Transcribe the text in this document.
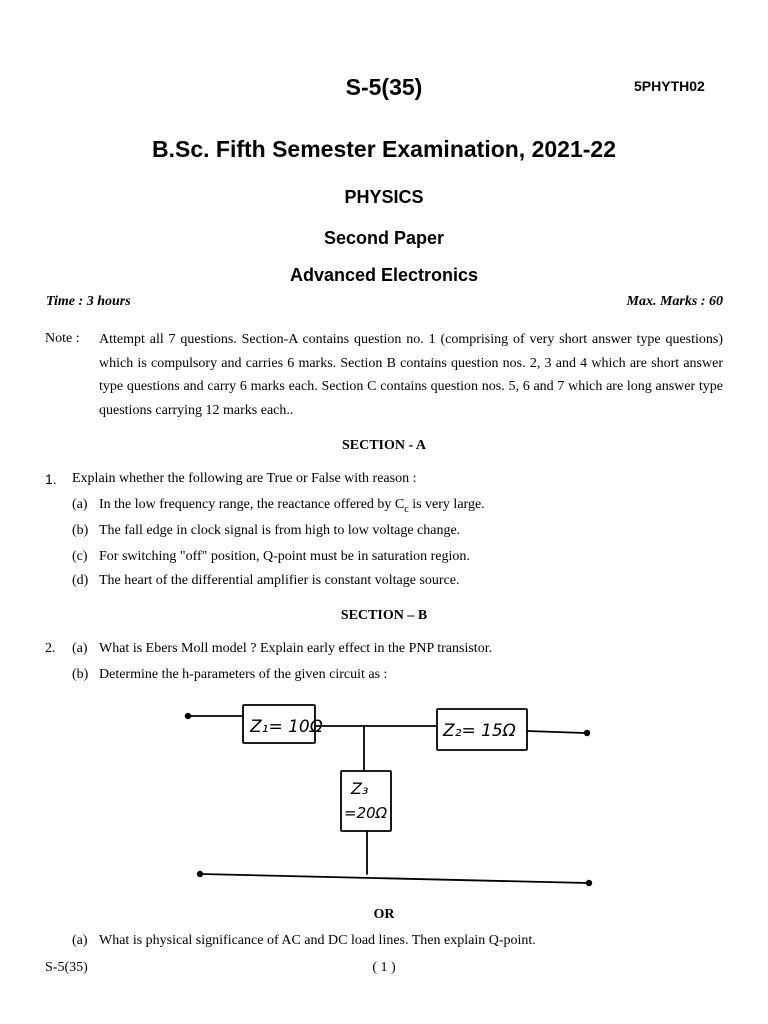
S-5(35)	5PHYTH02
B.Sc. Fifth Semester Examination, 2021-22
PHYSICS
Second Paper
Advanced Electronics
Time : 3 hours	Max. Marks : 60
Note : Attempt all 7 questions. Section-A contains question no. 1 (comprising of very short answer type questions) which is compulsory and carries 6 marks. Section B contains question nos. 2, 3 and 4 which are short answer type questions and carry 6 marks each. Section C contains question nos. 5, 6 and 7 which are long answer type questions carrying 12 marks each..
SECTION - A
1. Explain whether the following are True or False with reason :
(a) In the low frequency range, the reactance offered by $C_c$ is very large.
(b) The fall edge in clock signal is from high to low voltage change.
(c) For switching "off" position, Q-point must be in saturation region.
(d) The heart of the differential amplifier is constant voltage source.
SECTION – B
2. (a) What is Ebers Moll model ? Explain early effect in the PNP transistor.
(b) Determine the h-parameters of the given circuit as :
Z₁= 10Ω	Z₂= 15Ω
Z₃
=20Ω
OR
(a) What is physical significance of AC and DC load lines. Then explain Q-point.
S-5(35)	( 1 )
